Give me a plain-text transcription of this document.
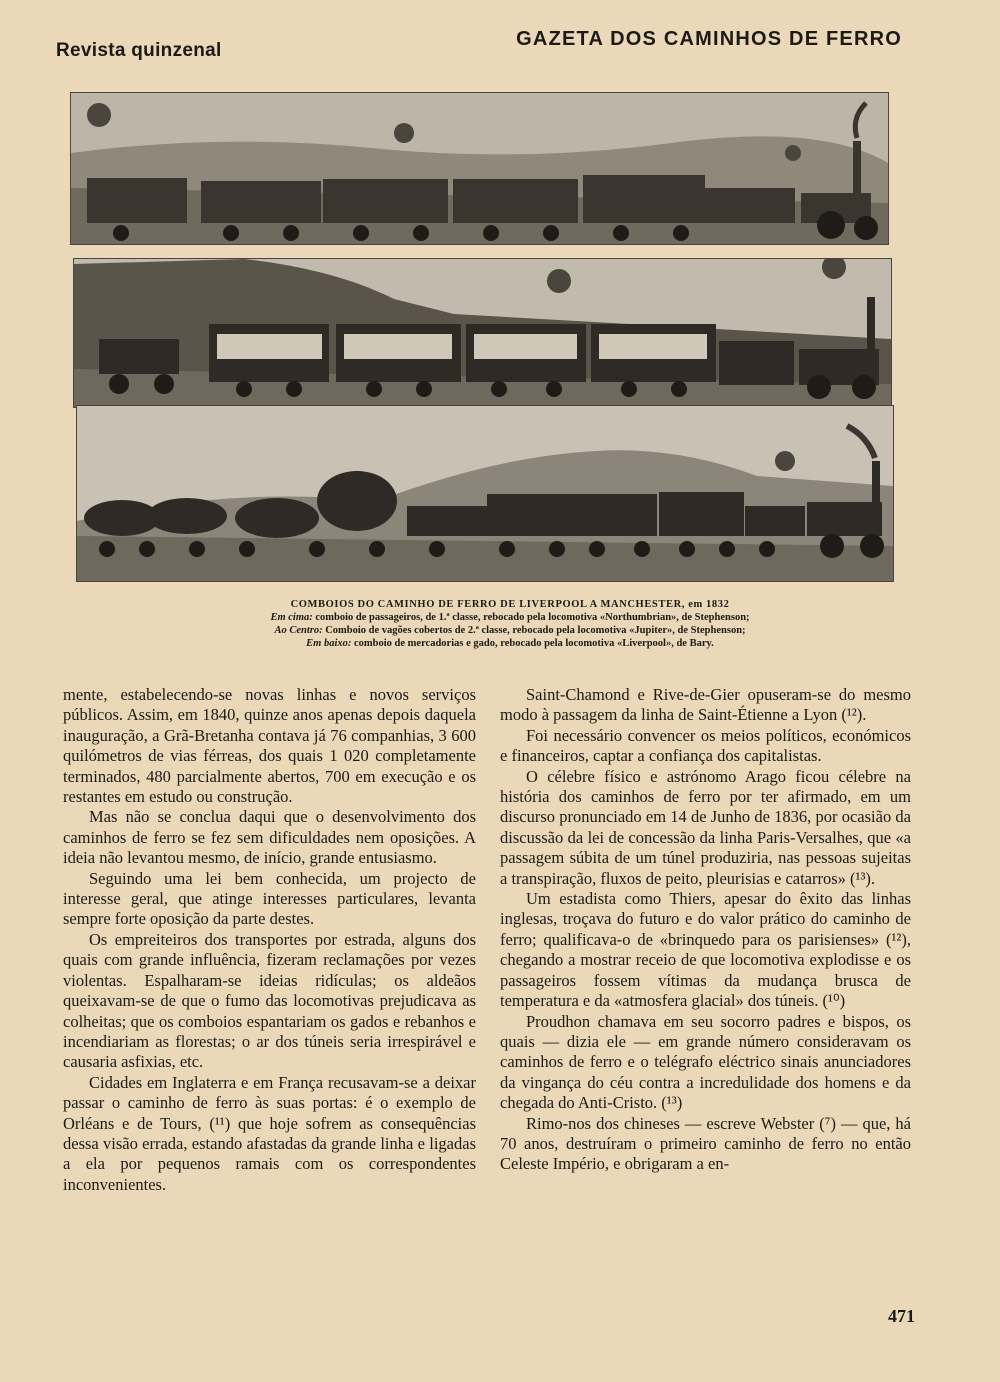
Revista quinzenal
GAZETA DOS CAMINHOS DE FERRO
COMBOIOS DO CAMINHO DE FERRO DE LIVERPOOL A MANCHESTER, em 1832
Em cima: comboio de passageiros, de 1.ª classe, rebocado pela locomotiva «Northumbrian», de Stephenson;
Ao Centro: Comboio de vagões cobertos de 2.ª classe, rebocado pela locomotiva «Jupiter», de Stephenson;
Em baixo: comboio de mercadorias e gado, rebocado pela locomotiva «Liverpool», de Bary.

mente, estabelecendo-se novas linhas e novos serviços públicos. Assim, em 1840, quinze anos apenas depois daquela inauguração, a Grã-Bretanha contava já 76 companhias, 3 600 quilómetros de vias férreas, dos quais 1 020 completamente terminados, 480 parcialmente abertos, 700 em execução e os restantes em estudo ou construção.

Mas não se conclua daqui que o desenvolvimento dos caminhos de ferro se fez sem dificuldades nem oposições. A ideia não levantou mesmo, de início, grande entusiasmo.

Seguindo uma lei bem conhecida, um projecto de interesse geral, que atinge interesses particulares, levanta sempre forte oposição da parte destes.

Os empreiteiros dos transportes por estrada, alguns dos quais com grande influência, fizeram reclamações por vezes violentas. Espalharam-se ideias ridículas; os aldeãos queixavam-se de que o fumo das locomotivas prejudicava as colheitas; que os comboios espantariam os gados e rebanhos e incendiariam as florestas; o ar dos túneis seria irrespirável e causaria asfixias, etc.

Cidades em Inglaterra e em França recusavam-se a deixar passar o caminho de ferro às suas portas: é o exemplo de Orléans e de Tours, (¹¹) que hoje sofrem as consequências dessa visão errada, estando afastadas da grande linha e ligadas a ela por pequenos ramais com os correspondentes inconvenientes.

Saint-Chamond e Rive-de-Gier opuseram-se do mesmo modo à passagem da linha de Saint-Étienne a Lyon (¹²).

Foi necessário convencer os meios políticos, económicos e financeiros, captar a confiança dos capitalistas.

O célebre físico e astrónomo Arago ficou célebre na história dos caminhos de ferro por ter afirmado, em um discurso pronunciado em 14 de Junho de 1836, por ocasião da discussão da lei de concessão da linha Paris-Versalhes, que «a passagem súbita de um túnel produziria, nas pessoas sujeitas a transpiração, fluxos de peito, pleurisias e catarros» (¹³).

Um estadista como Thiers, apesar do êxito das linhas inglesas, troçava do futuro e do valor prático do caminho de ferro; qualificava-o de «brinquedo para os parisienses» (¹²), chegando a mostrar receio de que locomotiva explodisse e os passageiros fossem vítimas da mudança brusca de temperatura e da «atmosfera glacial» dos túneis. (¹⁰)

Proudhon chamava em seu socorro padres e bispos, os quais — dizia ele — em grande número consideravam os caminhos de ferro e o telégrafo eléctrico sinais anunciadores da vingança do céu contra a incredulidade dos homens e da chegada do Anti-Cristo. (¹³)

Rimo-nos dos chineses — escreve Webster (⁷) — que, há 70 anos, destruíram o primeiro caminho de ferro no então Celeste Império, e obrigaram a en-

471
